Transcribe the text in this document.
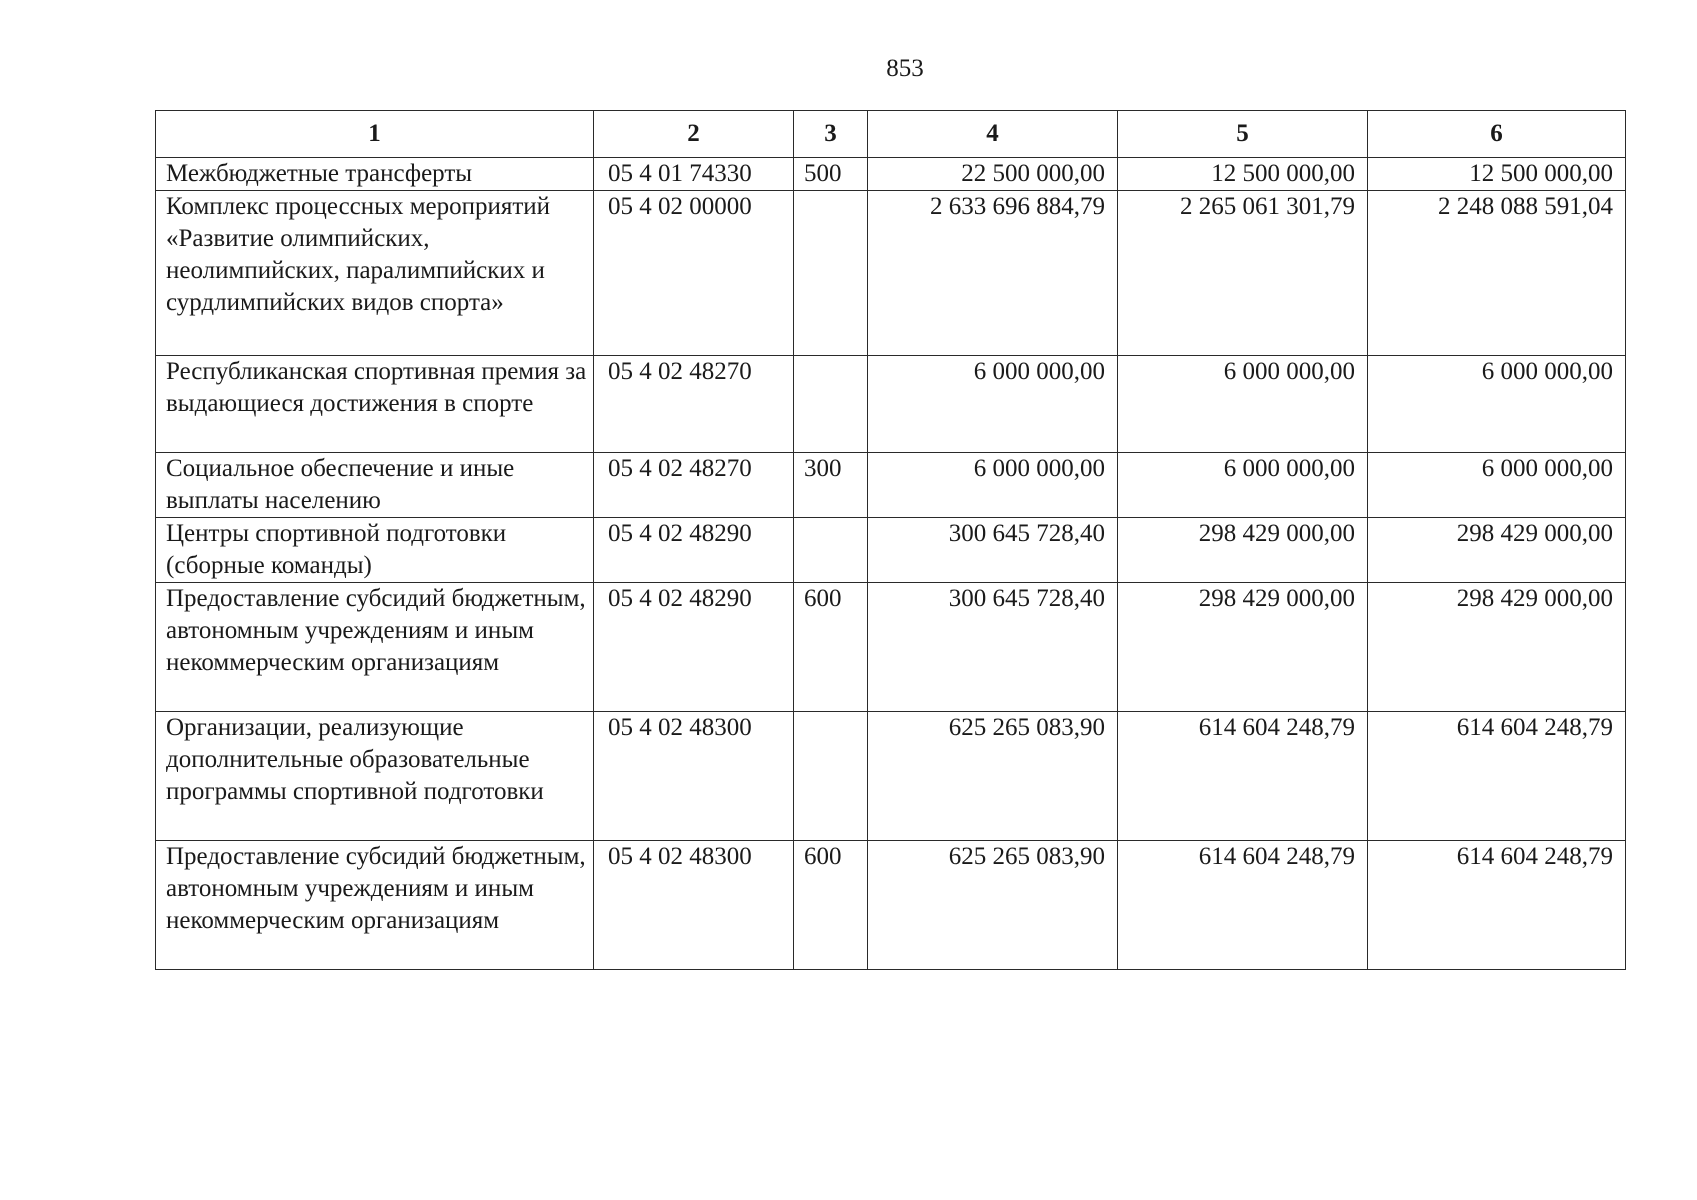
853
1	2	3	4	5	6
Межбюджетные трансферты	05 4 01 74330	500	22 500 000,00	12 500 000,00	12 500 000,00
Комплекс процессных мероприятий «Развитие олимпийских, неолимпийских, паралимпийских и сурдлимпийских видов спорта»	05 4 02 00000		2 633 696 884,79	2 265 061 301,79	2 248 088 591,04
Республиканская спортивная премия за выдающиеся достижения в спорте	05 4 02 48270		6 000 000,00	6 000 000,00	6 000 000,00
Социальное обеспечение и иные выплаты населению	05 4 02 48270	300	6 000 000,00	6 000 000,00	6 000 000,00
Центры спортивной подготовки (сборные команды)	05 4 02 48290		300 645 728,40	298 429 000,00	298 429 000,00
Предоставление субсидий бюджетным, автономным учреждениям и иным некоммерческим организациям	05 4 02 48290	600	300 645 728,40	298 429 000,00	298 429 000,00
Организации, реализующие дополнительные образовательные программы спортивной подготовки	05 4 02 48300		625 265 083,90	614 604 248,79	614 604 248,79
Предоставление субсидий бюджетным, автономным учреждениям и иным некоммерческим организациям	05 4 02 48300	600	625 265 083,90	614 604 248,79	614 604 248,79
